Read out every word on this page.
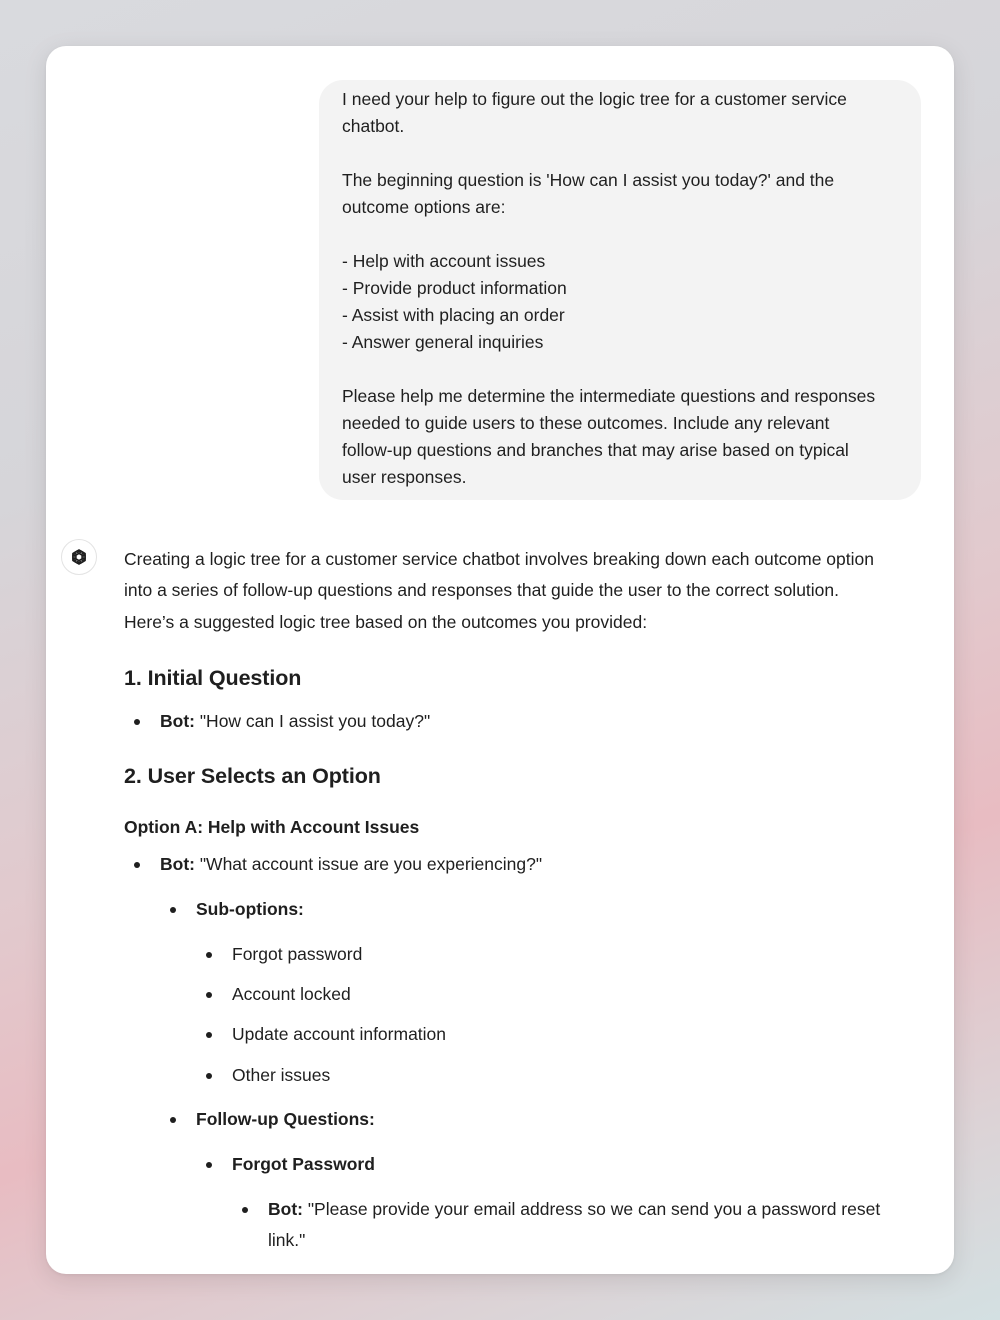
I need your help to figure out the logic tree for a customer service
chatbot.
The beginning question is 'How can I assist you today?' and the
outcome options are:
- Help with account issues
- Provide product information
- Assist with placing an order
- Answer general inquiries
Please help me determine the intermediate questions and responses
needed to guide users to these outcomes. Include any relevant
follow-up questions and branches that may arise based on typical
user responses.
Creating a logic tree for a customer service chatbot involves breaking down each outcome option
into a series of follow-up questions and responses that guide the user to the correct solution.
Here’s a suggested logic tree based on the outcomes you provided:
1. Initial Question
Bot: "How can I assist you today?"
2. User Selects an Option
Option A: Help with Account Issues
Bot: "What account issue are you experiencing?"
Sub-options:
Forgot password
Account locked
Update account information
Other issues
Follow-up Questions:
Forgot Password
Bot: "Please provide your email address so we can send you a password reset
link."
